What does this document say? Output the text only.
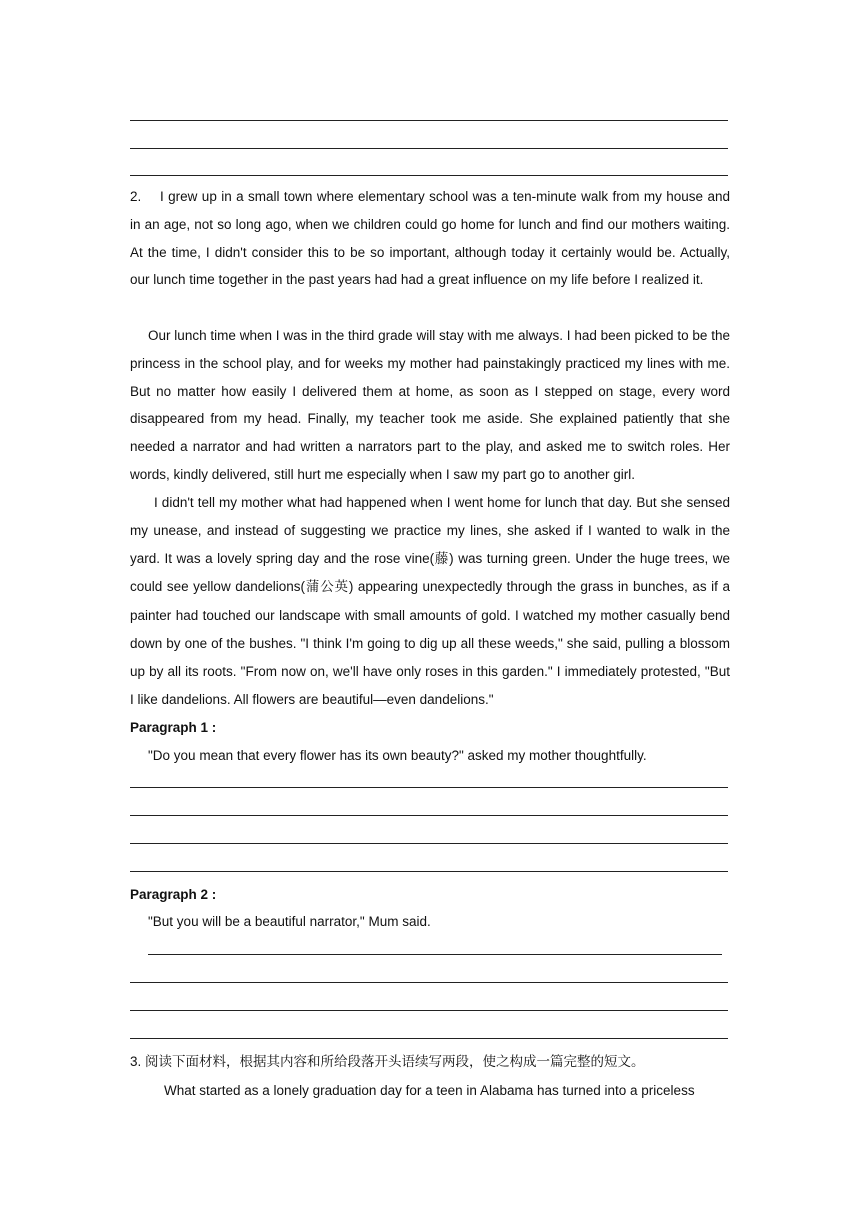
2. I grew up in a small town where elementary school was a ten-minute walk from my house and in an age, not so long ago, when we children could go home for lunch and find our mothers waiting. At the time, I didn't consider this to be so important, although today it certainly would be. Actually, our lunch time together in the past years had had a great influence on my life before I realized it.
Our lunch time when I was in the third grade will stay with me always. I had been picked to be the princess in the school play, and for weeks my mother had painstakingly practiced my lines with me. But no matter how easily I delivered them at home, as soon as I stepped on stage, every word disappeared from my head. Finally, my teacher took me aside. She explained patiently that she needed a narrator and had written a narrators part to the play, and asked me to switch roles. Her words, kindly delivered, still hurt me especially when I saw my part go to another girl.
I didn't tell my mother what had happened when I went home for lunch that day. But she sensed my unease, and instead of suggesting we practice my lines, she asked if I wanted to walk in the yard. It was a lovely spring day and the rose vine(藤) was turning green. Under the huge trees, we could see yellow dandelions(蒲公英) appearing unexpectedly through the grass in bunches, as if a painter had touched our landscape with small amounts of gold. I watched my mother casually bend down by one of the bushes. "I think I'm going to dig up all these weeds," she said, pulling a blossom up by all its roots. "From now on, we'll have only roses in this garden." I immediately protested, "But I like dandelions. All flowers are beautiful—even dandelions."
Paragraph 1 :
"Do you mean that every flower has its own beauty?" asked my mother thoughtfully.
Paragraph 2 :
"But you will be a beautiful narrator," Mum said.
3. 阅读下面材料，根据其内容和所给段落开头语续写两段，使之构成一篇完整的短文。
What started as a lonely graduation day for a teen in Alabama has turned into a priceless
